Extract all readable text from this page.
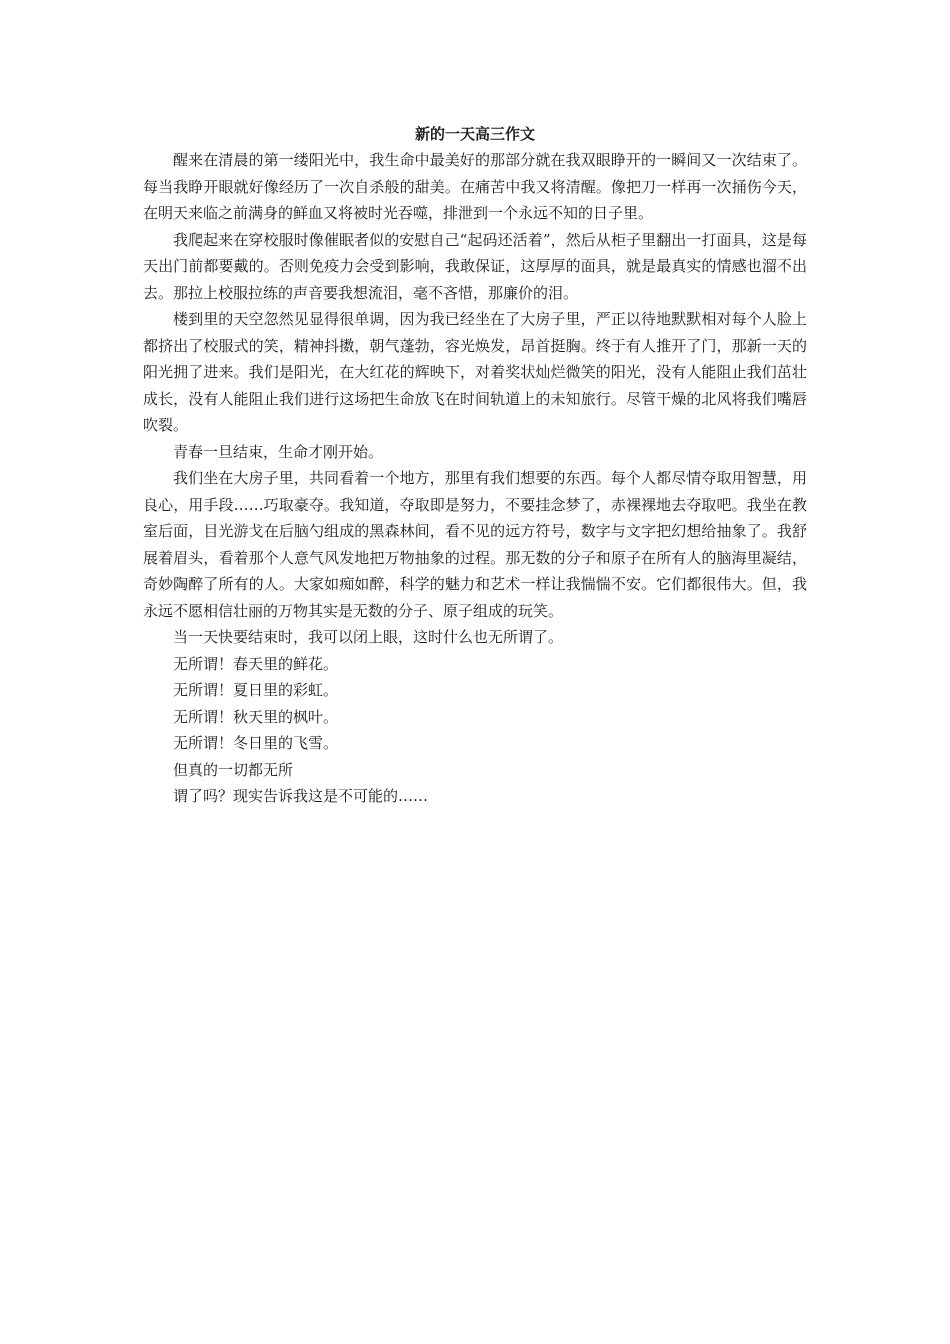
新的一天高三作文

醒来在清晨的第一缕阳光中，我生命中最美好的那部分就在我双眼睁开的一瞬间又一次结束了。每当我睁开眼就好像经历了一次自杀般的甜美。在痛苦中我又将清醒。像把刀一样再一次捅伤今天，在明天来临之前满身的鲜血又将被时光吞噬，排泄到一个永远不知的日子里。

我爬起来在穿校服时像催眠者似的安慰自己“起码还活着”，然后从柜子里翻出一打面具，这是每天出门前都要戴的。否则免疫力会受到影响，我敢保证，这厚厚的面具，就是最真实的情感也溜不出去。那拉上校服拉练的声音要我想流泪，毫不吝惜，那廉价的泪。

楼到里的天空忽然见显得很单调，因为我已经坐在了大房子里，严正以待地默默相对每个人脸上都挤出了校服式的笑，精神抖擞，朝气蓬勃，容光焕发，昂首挺胸。终于有人推开了门，那新一天的阳光拥了进来。我们是阳光，在大红花的辉映下，对着奖状灿烂微笑的阳光，没有人能阻止我们茁壮成长，没有人能阻止我们进行这场把生命放飞在时间轨道上的未知旅行。尽管干燥的北风将我们嘴唇吹裂。

青春一旦结束，生命才刚开始。

我们坐在大房子里，共同看着一个地方，那里有我们想要的东西。每个人都尽情夺取用智慧，用良心，用手段……巧取豪夺。我知道，夺取即是努力，不要挂念梦了，赤裸裸地去夺取吧。我坐在教室后面，目光游戈在后脑勺组成的黑森林间，看不见的远方符号，数字与文字把幻想给抽象了。我舒展着眉头，看着那个人意气风发地把万物抽象的过程。那无数的分子和原子在所有人的脑海里凝结，奇妙陶醉了所有的人。大家如痴如醉，科学的魅力和艺术一样让我惴惴不安。它们都很伟大。但，我永远不愿相信壮丽的万物其实是无数的分子、原子组成的玩笑。

当一天快要结束时，我可以闭上眼，这时什么也无所谓了。

无所谓！春天里的鲜花。

无所谓！夏日里的彩虹。

无所谓！秋天里的枫叶。

无所谓！冬日里的飞雪。

但真的一切都无所

谓了吗？现实告诉我这是不可能的……
